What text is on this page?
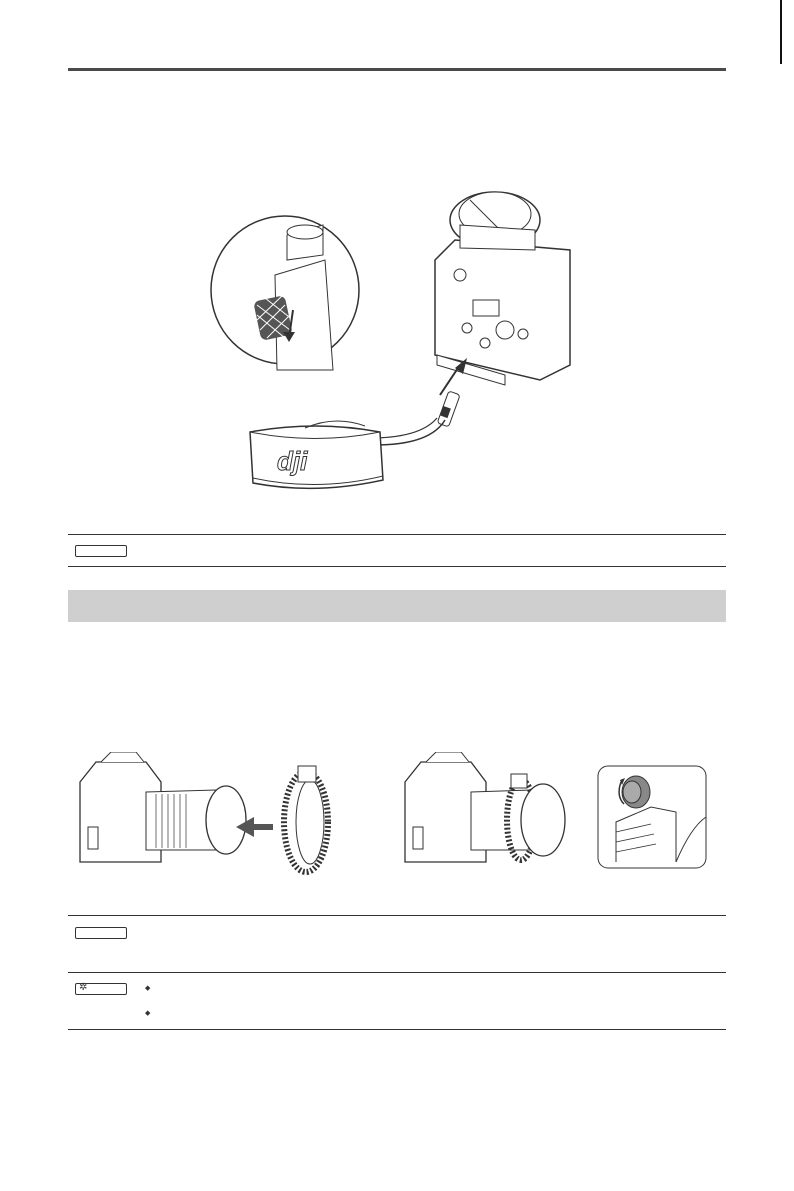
dji
✲	◆
◆
